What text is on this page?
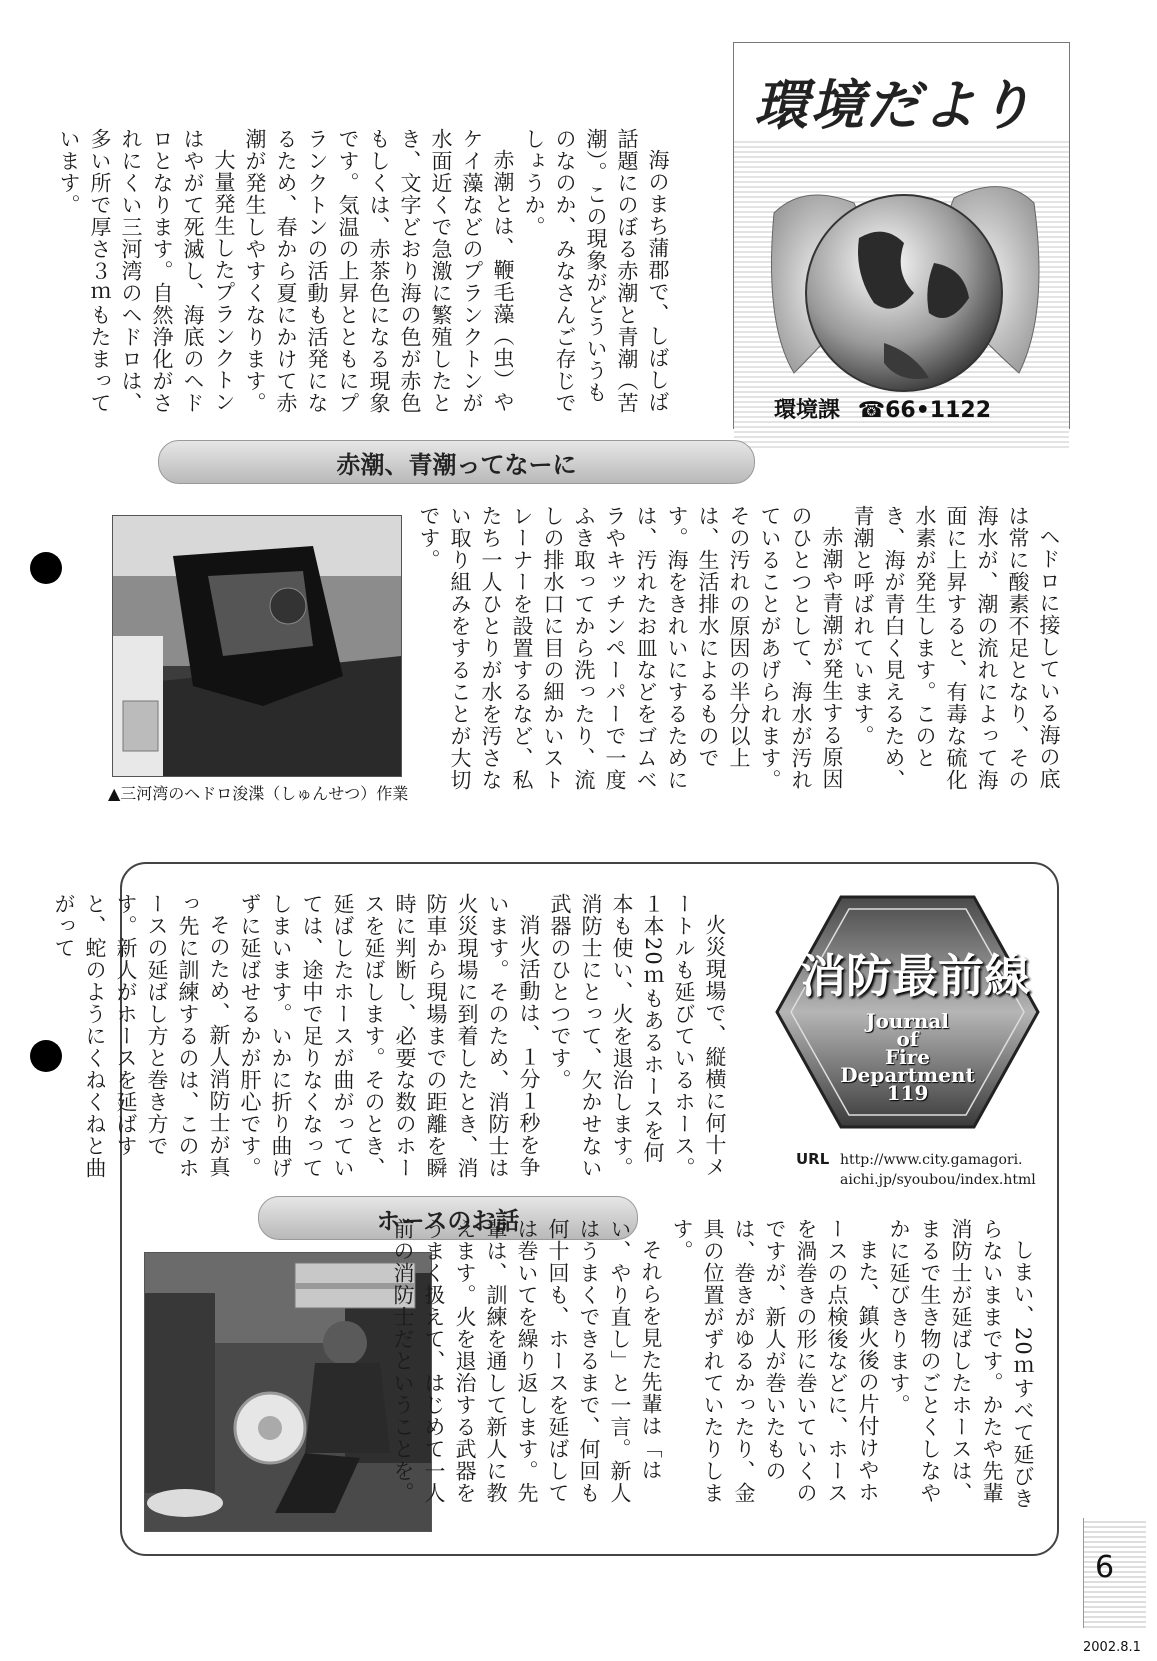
環境だより
環境課 ☎66•1122

海のまち蒲郡で、しばしば話題にのぼる赤潮と青潮（苦潮）。この現象がどういうものなのか、みなさんご存じでしょうか。

赤潮とは、鞭毛藻（虫）やケイ藻などのプランクトンが水面近くで急激に繁殖したとき、文字どおり海の色が赤色もしくは、赤茶色になる現象です。気温の上昇とともにプランクトンの活動も活発になるため、春から夏にかけて赤潮が発生しやすくなります。

大量発生したプランクトンはやがて死滅し、海底のヘドロとなります。自然浄化がされにくい三河湾のヘドロは、多い所で厚さ３ｍもたまっています。

赤潮、青潮ってなーに

ヘドロに接している海の底は常に酸素不足となり、その海水が、潮の流れによって海面に上昇すると、有毒な硫化水素が発生します。このとき、海が青白く見えるため、青潮と呼ばれています。

赤潮や青潮が発生する原因のひとつとして、海水が汚れていることがあげられます。その汚れの原因の半分以上は、生活排水によるものです。海をきれいにするためには、汚れたお皿などをゴムベラやキッチンペーパーで一度ふき取ってから洗ったり、流しの排水口に目の細かいストレーナーを設置するなど、私たち一人ひとりが水を汚さない取り組みをすることが大切です。

▲三河湾のヘドロ浚渫（しゅんせつ）作業

火災現場で、縦横に何十メートルも延びているホース。１本20ｍもあるホースを何本も使い、火を退治します。消防士にとって、欠かせない武器のひとつです。

消火活動は、１分１秒を争います。そのため、消防士は火災現場に到着したとき、消防車から現場までの距離を瞬時に判断し、必要な数のホースを延ばします。そのとき、延ばしたホースが曲がっていては、途中で足りなくなってしまいます。いかに折り曲げずに延ばせるかが肝心です。

そのため、新人消防士が真っ先に訓練するのは、このホースの延ばし方と巻き方です。新人がホースを延ばすと、蛇のようにくねくねと曲がって

消防最前線
Journal
of
Fire
Department
119
URL http://www.city.gamagori.
aichi.jp/syoubou/index.html
ホースのお話

しまい、20ｍすべて延びきらないままです。かたや先輩消防士が延ばしたホースは、まるで生き物のごとくしなやかに延びきります。

また、鎮火後の片付けやホースの点検後などに、ホースを渦巻きの形に巻いていくのですが、新人が巻いたものは、巻きがゆるかったり、金具の位置がずれていたりします。

それらを見た先輩は「はい、やり直し」と一言。新人はうまくできるまで、何回も何十回も、ホースを延ばしては巻いてを繰り返します。先輩は、訓練を通して新人に教えます。火を退治する武器をうまく扱えて、はじめて一人前の消防士だということを。

6
2002.8.1
